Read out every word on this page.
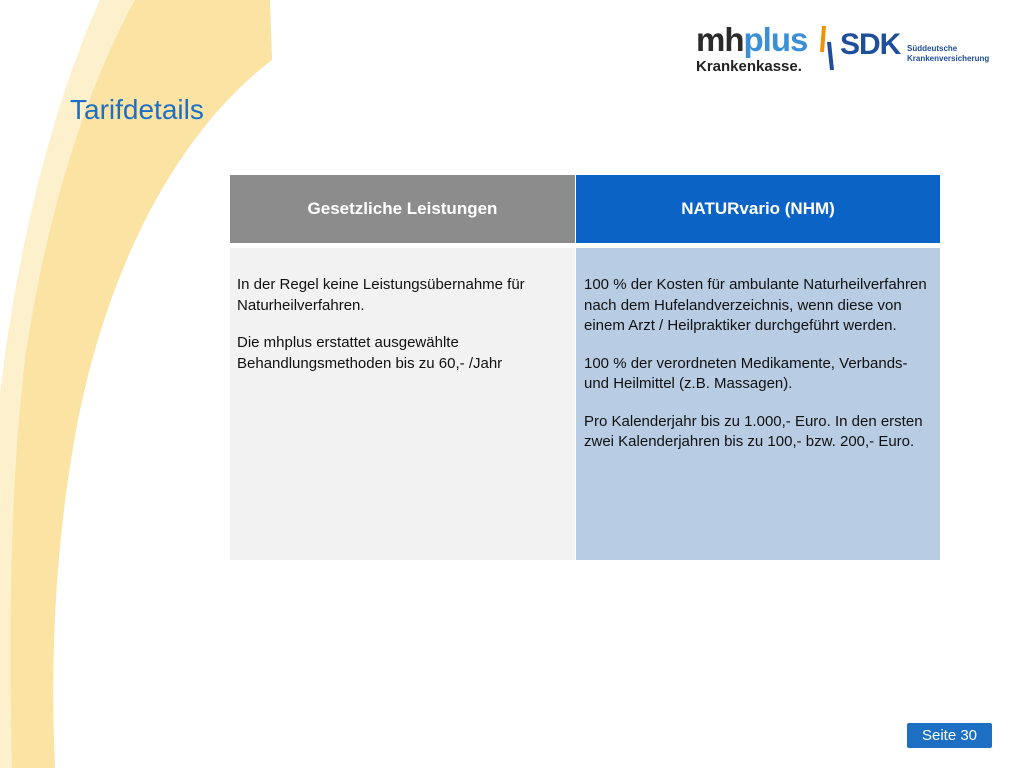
Tarifdetails
mhplus
Krankenkasse.
SDK Süddeutsche
Krankenversicherung
Gesetzliche Leistungen	NATURvario (NHM)

In der Regel keine Leistungsübernahme für Naturheilverfahren.

Die mhplus erstattet ausgewählte Behandlungsmethoden bis zu 60,- /Jahr

100 % der Kosten für ambulante Naturheilverfahren nach dem Hufelandverzeichnis, wenn diese von einem Arzt / Heilpraktiker durchgeführt werden.

100 % der verordneten Medikamente, Verbands- und Heilmittel (z.B. Massagen).

Pro Kalenderjahr bis zu 1.000,- Euro. In den ersten zwei Kalenderjahren bis zu 100,- bzw. 200,- Euro.

Seite 30
